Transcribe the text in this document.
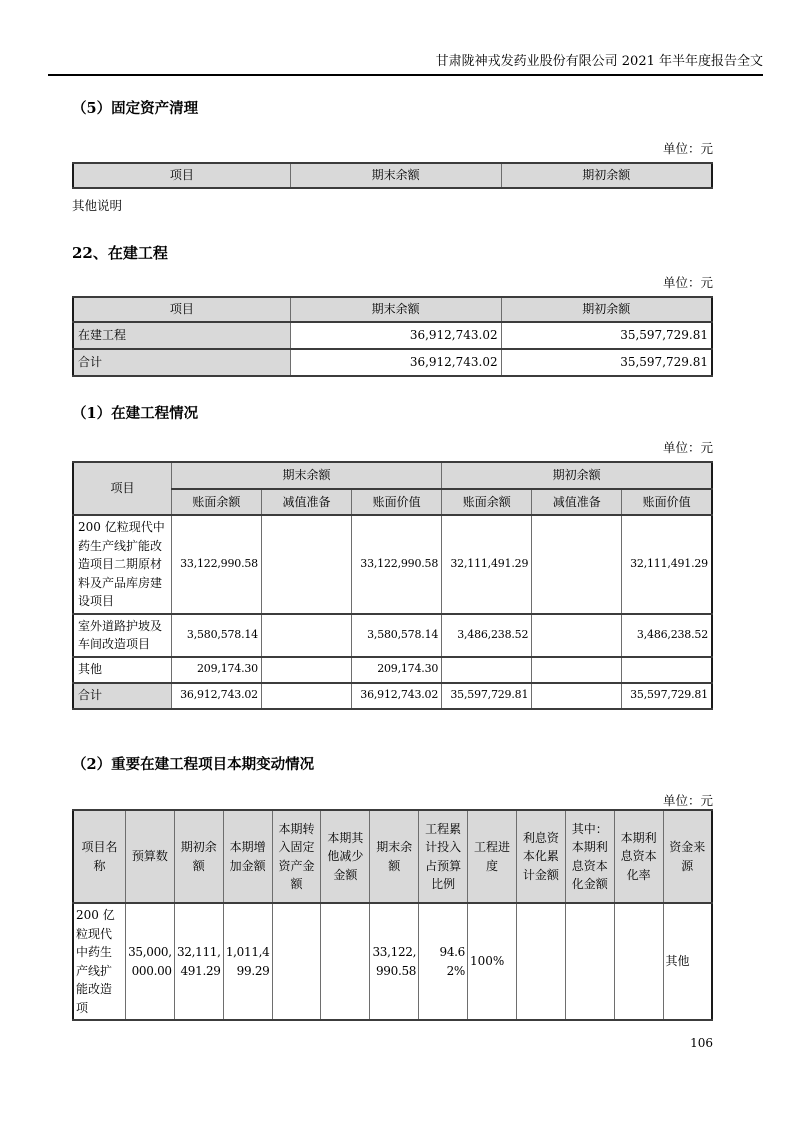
甘肃陇神戎发药业股份有限公司 2021 年半年度报告全文
（5）固定资产清理
单位：元
项目	期末余额	期初余额
其他说明
22、在建工程
单位：元
项目	期末余额	期初余额
在建工程	36,912,743.02	35,597,729.81
合计	36,912,743.02	35,597,729.81
（1）在建工程情况
单位：元
项目	期末余额			期初余额		
	账面余额	减值准备	账面价值	账面余额	减值准备	账面价值
200 亿粒现代中药生产线扩能改造项目二期原材料及产品库房建设项目	33,122,990.58		33,122,990.58	32,111,491.29		32,111,491.29
室外道路护坡及车间改造项目	3,580,578.14		3,580,578.14	3,486,238.52		3,486,238.52
其他	209,174.30		209,174.30			
合计	36,912,743.02		36,912,743.02	35,597,729.81		35,597,729.81
（2）重要在建工程项目本期变动情况
单位：元
项目名称	预算数	期初余额	本期增加金额	本期转入固定资产金额	本期其他减少金额	期末余额	工程累计投入占预算比例	工程进度	利息资本化累计金额	其中：本期利息资本化金额	本期利息资本化率	资金来源
200 亿粒现代中药生产线扩能改造项	35,000,000.00	32,111,491.29	1,011,499.29			33,122,990.58	94.62%	100%				其他
106
